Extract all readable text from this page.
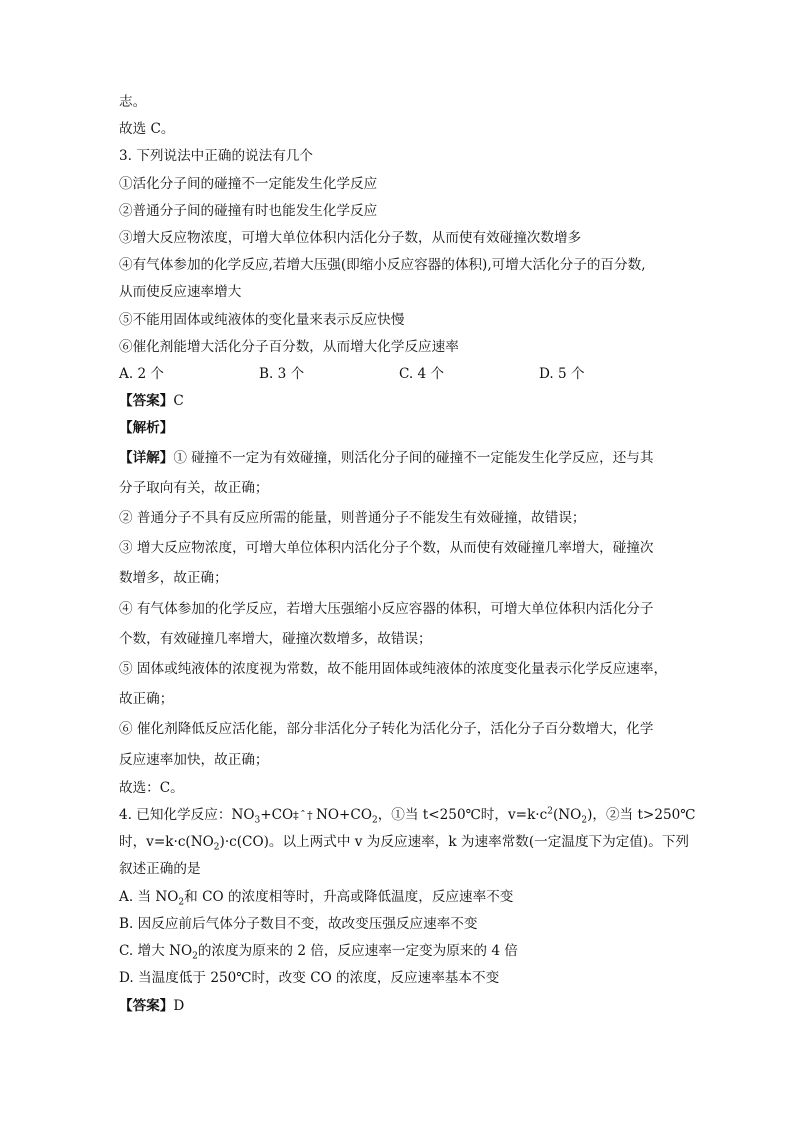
志。
故选 C。
3. 下列说法中正确的说法有几个
①活化分子间的碰撞不一定能发生化学反应
②普通分子间的碰撞有时也能发生化学反应
③增大反应物浓度，可增大单位体积内活化分子数，从而使有效碰撞次数增多
④有气体参加的化学反应,若增大压强(即缩小反应容器的体积),可增大活化分子的百分数,
从而使反应速率增大
⑤不能用固体或纯液体的变化量来表示反应快慢
⑥催化剂能增大活化分子百分数，从而增大化学反应速率
A. 2 个	B. 3 个	C. 4 个	D. 5 个
【答案】C
【解析】
【详解】① 碰撞不一定为有效碰撞，则活化分子间的碰撞不一定能发生化学反应，还与其
分子取向有关，故正确；
② 普通分子不具有反应所需的能量，则普通分子不能发生有效碰撞，故错误；
③ 增大反应物浓度，可增大单位体积内活化分子个数，从而使有效碰撞几率增大，碰撞次
数增多，故正确；
④ 有气体参加的化学反应，若增大压强缩小反应容器的体积，可增大单位体积内活化分子
个数，有效碰撞几率增大，碰撞次数增多，故错误；
⑤ 固体或纯液体的浓度视为常数，故不能用固体或纯液体的浓度变化量表示化学反应速率，
故正确；
⑥ 催化剂降低反应活化能，部分非活化分子转化为活化分子，活化分子百分数增大，化学
反应速率加快，故正确；
故选：C。
4. 已知化学反应：$NO_3+CO\ddagger$ ˆ † $NO+CO_2$，①当 t<250℃时，$v=k\cdot c^2(NO_2)$，②当 t>250℃
时，$v=k\cdot c(NO_2)\cdot c(CO)$。以上两式中 v 为反应速率，k 为速率常数(一定温度下为定值)。下列
叙述正确的是
A. 当 $NO_2$和 CO 的浓度相等时，升高或降低温度，反应速率不变
B. 因反应前后气体分子数目不变，故改变压强反应速率不变
C. 增大 $NO_2$的浓度为原来的 2 倍，反应速率一定变为原来的 4 倍
D. 当温度低于 250℃时，改变 CO 的浓度，反应速率基本不变
【答案】D
